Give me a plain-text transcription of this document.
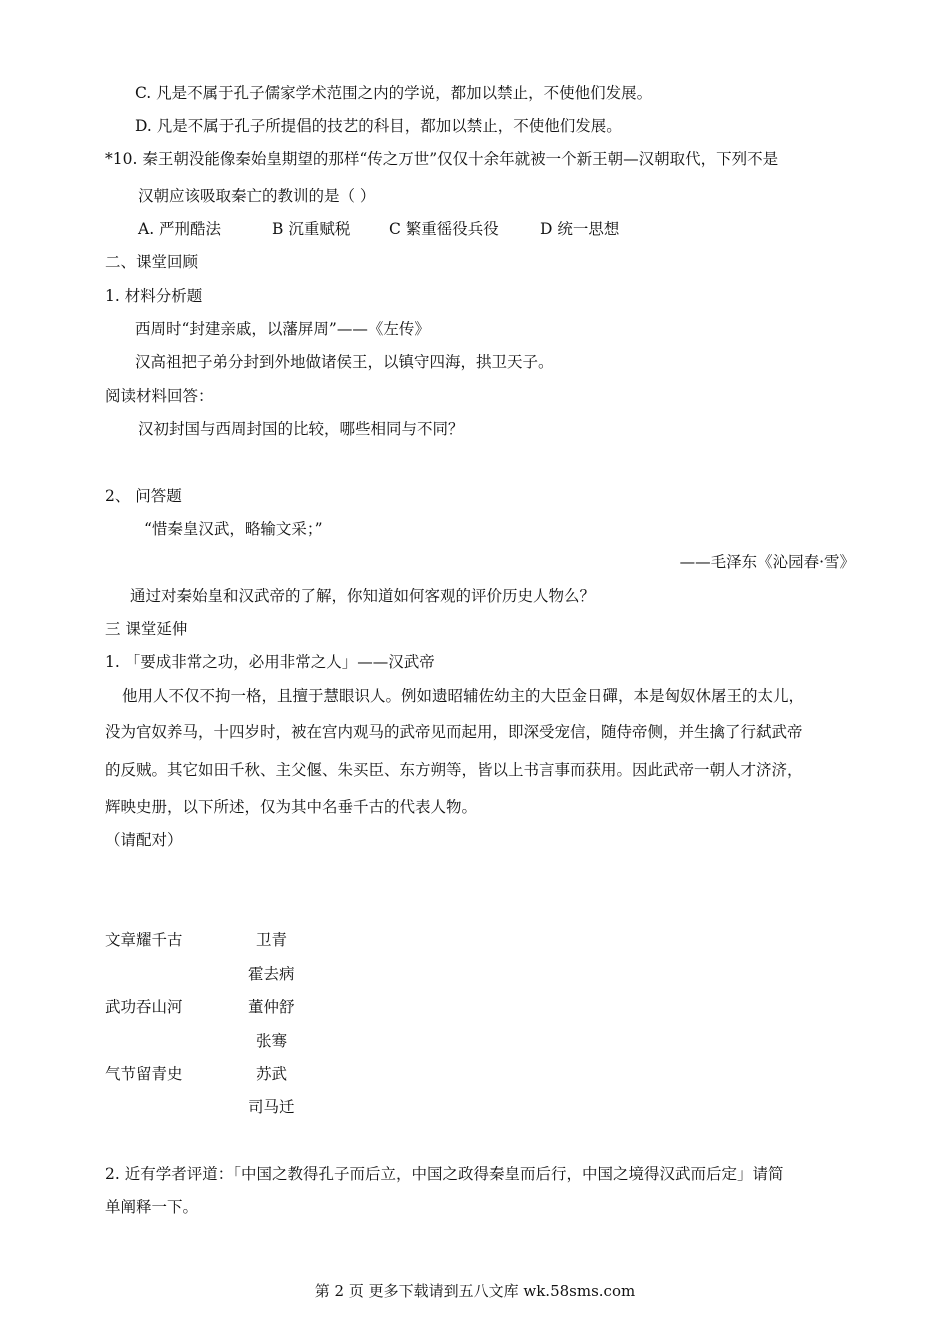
C. 凡是不属于孔子儒家学术范围之内的学说，都加以禁止，不使他们发展。
D. 凡是不属于孔子所提倡的技艺的科目，都加以禁止，不使他们发展。
*10. 秦王朝没能像秦始皇期望的那样“传之万世”仅仅十余年就被一个新王朝—汉朝取代，下列不是
汉朝应该吸取秦亡的教训的是（ ）
A. 严刑酷法	B 沉重赋税 C 繁重徭役兵役	D 统一思想
二、课堂回顾
1. 材料分析题
西周时“封建亲戚，以藩屏周”——《左传》
汉高祖把子弟分封到外地做诸侯王，以镇守四海，拱卫天子。
阅读材料回答：
汉初封国与西周封国的比较，哪些相同与不同？
2、 问答题
“惜秦皇汉武，略输文采；”
——毛泽东《沁园春·雪》
通过对秦始皇和汉武帝的了解，你知道如何客观的评价历史人物么？
三 课堂延伸
1. 「要成非常之功，必用非常之人」——汉武帝
他用人不仅不拘一格，且擅于慧眼识人。例如遗昭辅佐幼主的大臣金日磾，本是匈奴休屠王的太儿，
没为官奴养马，十四岁时，被在宫内观马的武帝见而起用，即深受宠信，随侍帝侧，并生擒了行弑武帝
的反贼。其它如田千秋、主父偃、朱买臣、东方朔等，皆以上书言事而获用。因此武帝一朝人才济济，
辉映史册，以下所述，仅为其中名垂千古的代表人物。
（请配对）
文章耀千古
武功吞山河
气节留青史
卫青
霍去病
董仲舒
张骞
苏武
司马迁
2. 近有学者评道：「中国之教得孔子而后立，中国之政得秦皇而后行，中国之境得汉武而后定」请简
单阐释一下。
第 2 页 更多下载请到五八文库 wk.58sms.com
